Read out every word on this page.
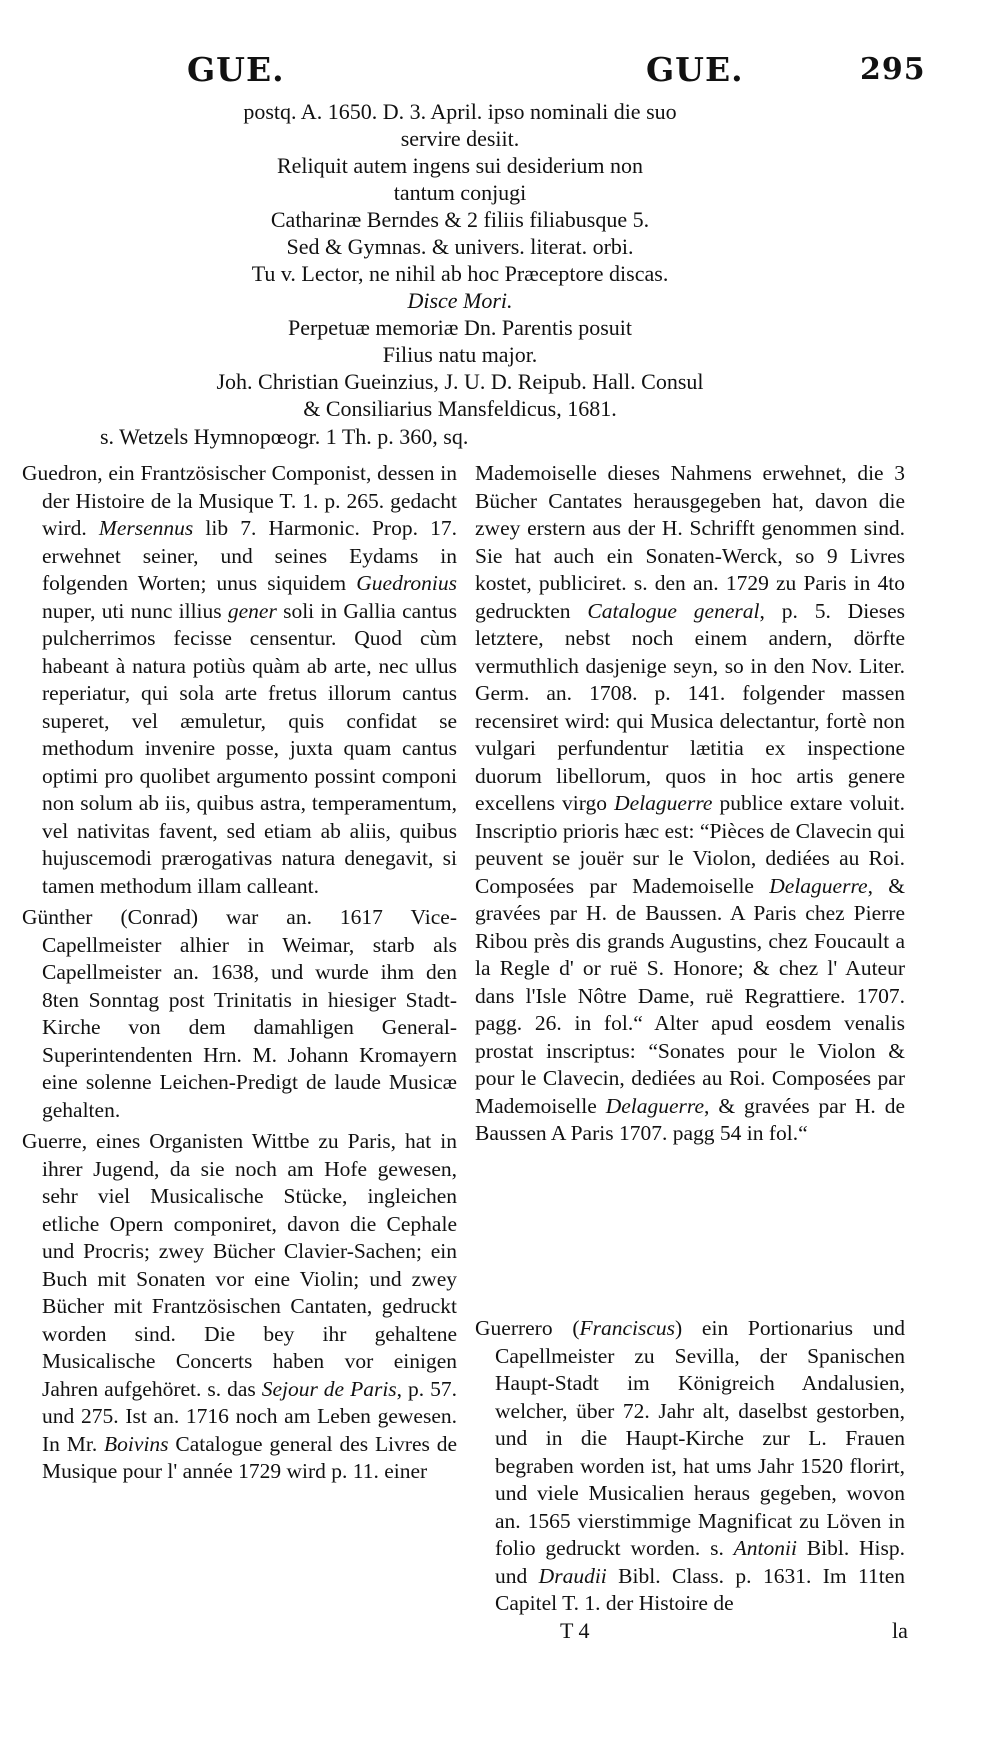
GUE.	GUE.	295
postq. A. 1650. D. 3. April. ipso nominali die suo
servire desiit.
Reliquit autem ingens sui desiderium non
tantum conjugi
Catharinæ Berndes & 2 filiis filiabusque 5.
Sed & Gymnas. & univers. literat. orbi.
Tu v. Lector, ne nihil ab hoc Præceptore discas.
Disce Mori.
Perpetuæ memoriæ Dn. Parentis posuit
Filius natu major.
Joh. Christian Gueinzius, J. U. D. Reipub. Hall. Consul
& Consiliarius Mansfeldicus, 1681.
s. Wetzels Hymnopœogr. 1 Th. p. 360, sq.
Guedron, ein Frantzösischer Componist, dessen in der Histoire de la Musique T. 1. p. 265. gedacht wird. Mersennus lib 7. Harmonic. Prop. 17. erwehnet seiner, und seines Eydams in folgenden Worten; unus siquidem Guedronius nuper, uti nunc illius gener soli in Gallia cantus pulcherrimos fecisse censentur. Quod cùm habeant à natura potiùs quàm ab arte, nec ullus reperiatur, qui sola arte fretus illorum cantus superet, vel æmuletur, quis confidat se methodum invenire posse, juxta quam cantus optimi pro quolibet argumento possint componi non solum ab iis, quibus astra, temperamentum, vel nativitas favent, sed etiam ab aliis, quibus hujuscemodi prærogativas natura denegavit, si tamen methodum illam calleant.
Günther (Conrad) war an. 1617 Vice-Capellmeister alhier in Weimar, starb als Capellmeister an. 1638, und wurde ihm den 8ten Sonntag post Trinitatis in hiesiger Stadt-Kirche von dem damahligen General-Superintendenten Hrn. M. Johann Kromayern eine solenne Leichen-Predigt de laude Musicæ gehalten.
Guerre, eines Organisten Wittbe zu Paris, hat in ihrer Jugend, da sie noch am Hofe gewesen, sehr viel Musicalische Stücke, ingleichen etliche Opern componiret, davon die Cephale und Procris; zwey Bücher Clavier-Sachen; ein Buch mit Sonaten vor eine Violin; und zwey Bücher mit Frantzösischen Cantaten, gedruckt worden sind. Die bey ihr gehaltene Musicalische Concerts haben vor einigen Jahren aufgehöret. s. das Sejour de Paris, p. 57. und 275. Ist an. 1716 noch am Leben gewesen. In Mr. Boivins Catalogue general des Livres de Musique pour l' année 1729 wird p. 11. einer
Mademoiselle dieses Nahmens erwehnet, die 3 Bücher Cantates herausgegeben hat, davon die zwey erstern aus der H. Schrifft genommen sind. Sie hat auch ein Sonaten-Werck, so 9 Livres kostet, publiciret. s. den an. 1729 zu Paris in 4to gedruckten Catalogue general, p. 5. Dieses letztere, nebst noch einem andern, dörfte vermuthlich dasjenige seyn, so in den Nov. Liter. Germ. an. 1708. p. 141. folgender massen recensiret wird: qui Musica delectantur, fortè non vulgari perfundentur lætitia ex inspectione duorum libellorum, quos in hoc artis genere excellens virgo Delaguerre publice extare voluit. Inscriptio prioris hæc est: “Pièces de Clavecin qui peuvent se jouër sur le Violon, dediées au Roi. Composées par Mademoiselle Delaguerre, & gravées par H. de Baussen. A Paris chez Pierre Ribou près dis grands Augustins, chez Foucault a la Regle d' or ruë S. Honore; & chez l' Auteur dans l'Isle Nôtre Dame, ruë Regrattiere. 1707. pagg. 26. in fol.“ Alter apud eosdem venalis prostat inscriptus: “Sonates pour le Violon & pour le Clavecin, dediées au Roi. Composées par Mademoiselle Delaguerre, & gravées par H. de Baussen A Paris 1707. pagg 54 in fol.“
Guerrero (Franciscus) ein Portionarius und Capellmeister zu Sevilla, der Spanischen Haupt-Stadt im Königreich Andalusien, welcher, über 72. Jahr alt, daselbst gestorben, und in die Haupt-Kirche zur L. Frauen begraben worden ist, hat ums Jahr 1520 florirt, und viele Musicalien heraus gegeben, wovon an. 1565 vierstimmige Magnificat zu Löven in folio gedruckt worden. s. Antonii Bibl. Hisp. und Draudii Bibl. Class. p. 1631. Im 11ten Capitel T. 1. der Histoire de
T 4	la
